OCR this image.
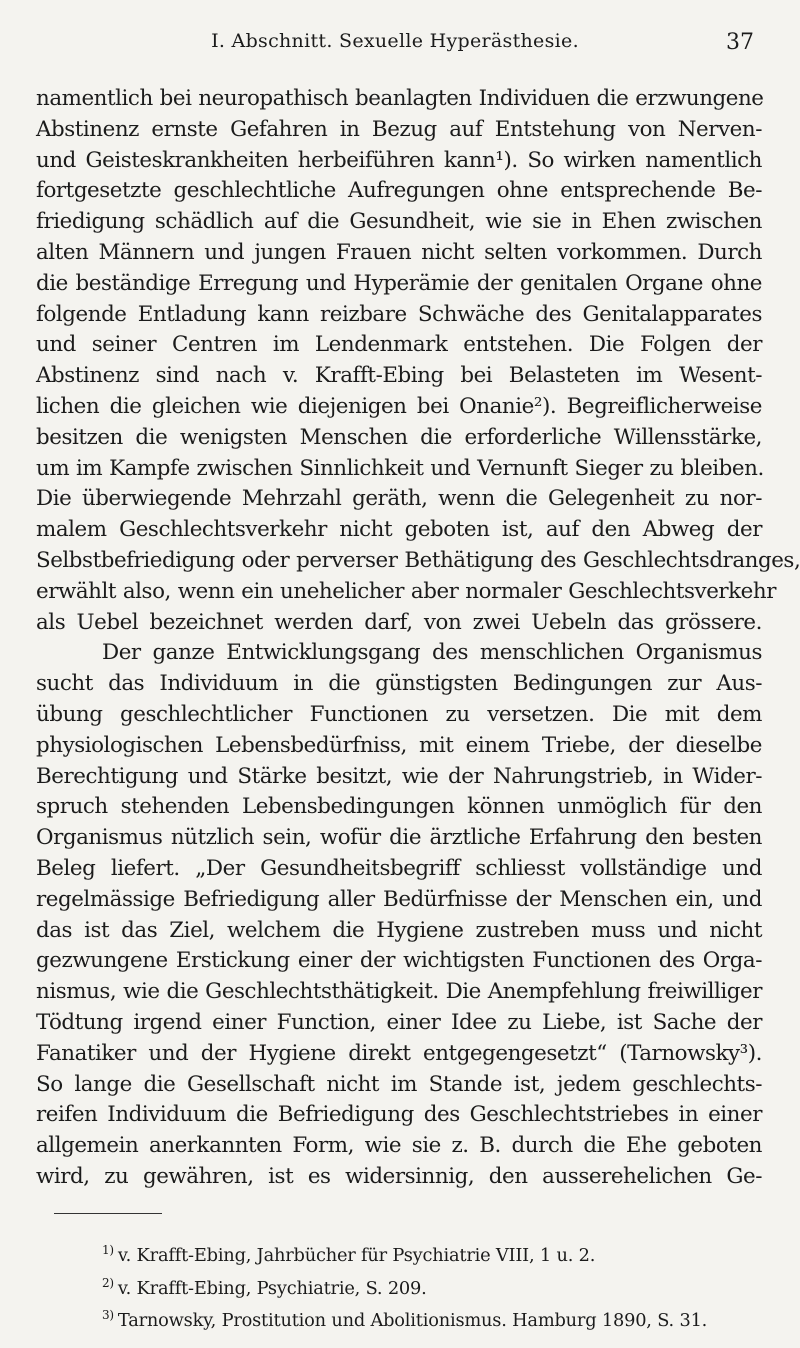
I. Abschnitt. Sexuelle Hyperästhesie.	37
namentlich bei neuropathisch beanlagten Individuen die erzwungene
Abstinenz ernste Gefahren in Bezug auf Entstehung von Nerven-
und Geisteskrankheiten herbeiführen kann¹). So wirken namentlich
fortgesetzte geschlechtliche Aufregungen ohne entsprechende Be-
friedigung schädlich auf die Gesundheit, wie sie in Ehen zwischen
alten Männern und jungen Frauen nicht selten vorkommen. Durch
die beständige Erregung und Hyperämie der genitalen Organe ohne
folgende Entladung kann reizbare Schwäche des Genitalapparates
und seiner Centren im Lendenmark entstehen. Die Folgen der
Abstinenz sind nach v. Krafft-Ebing bei Belasteten im Wesent-
lichen die gleichen wie diejenigen bei Onanie²). Begreiflicherweise
besitzen die wenigsten Menschen die erforderliche Willensstärke,
um im Kampfe zwischen Sinnlichkeit und Vernunft Sieger zu bleiben.
Die überwiegende Mehrzahl geräth, wenn die Gelegenheit zu nor-
malem Geschlechtsverkehr nicht geboten ist, auf den Abweg der
Selbstbefriedigung oder perverser Bethätigung des Geschlechtsdranges,
erwählt also, wenn ein unehelicher aber normaler Geschlechtsverkehr
als Uebel bezeichnet werden darf, von zwei Uebeln das grössere.
Der ganze Entwicklungsgang des menschlichen Organismus
sucht das Individuum in die günstigsten Bedingungen zur Aus-
übung geschlechtlicher Functionen zu versetzen. Die mit dem
physiologischen Lebensbedürfniss, mit einem Triebe, der dieselbe
Berechtigung und Stärke besitzt, wie der Nahrungstrieb, in Wider-
spruch stehenden Lebensbedingungen können unmöglich für den
Organismus nützlich sein, wofür die ärztliche Erfahrung den besten
Beleg liefert. „Der Gesundheitsbegriff schliesst vollständige und
regelmässige Befriedigung aller Bedürfnisse der Menschen ein, und
das ist das Ziel, welchem die Hygiene zustreben muss und nicht
gezwungene Erstickung einer der wichtigsten Functionen des Orga-
nismus, wie die Geschlechtsthätigkeit. Die Anempfehlung freiwilliger
Tödtung irgend einer Function, einer Idee zu Liebe, ist Sache der
Fanatiker und der Hygiene direkt entgegengesetzt“ (Tarnowsky³).
So lange die Gesellschaft nicht im Stande ist, jedem geschlechts-
reifen Individuum die Befriedigung des Geschlechtstriebes in einer
allgemein anerkannten Form, wie sie z. B. durch die Ehe geboten
wird, zu gewähren, ist es widersinnig, den ausserehelichen Ge-
$^{1)}$ v. Krafft-Ebing, Jahrbücher für Psychiatrie VIII, 1 u. 2.
$^{2)}$ v. Krafft-Ebing, Psychiatrie, S. 209.
$^{3)}$ Tarnowsky, Prostitution und Abolitionismus. Hamburg 1890, S. 31.
